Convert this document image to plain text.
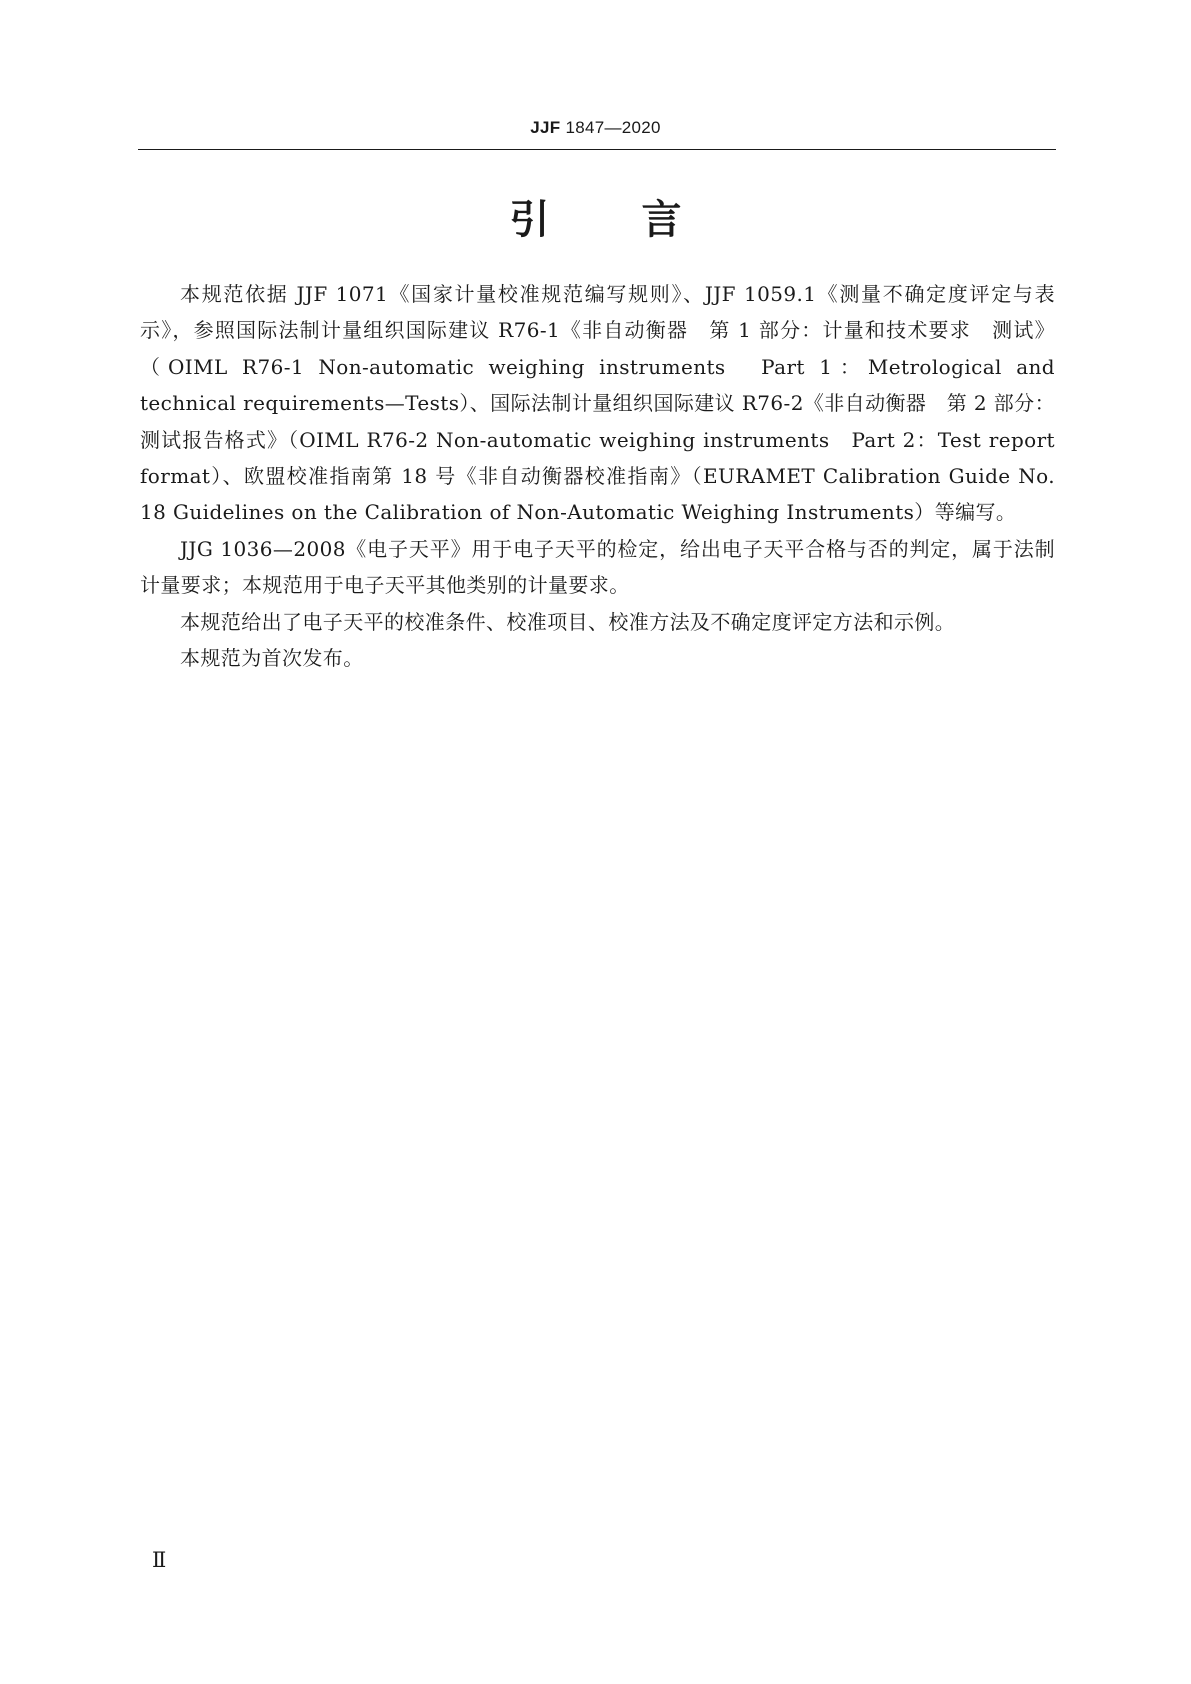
JJF 1847—2020
引 言

本规范依据 JJF 1071《国家计量校准规范编写规则》、JJF 1059.1《测量不确定度评定与表示》，参照国际法制计量组织国际建议 R76-1《非自动衡器　第 1 部分：计量和技术要求　测试》（OIML R76-1 Non-automatic weighing instruments　Part 1：Metrological and technical requirements—Tests）、国际法制计量组织国际建议 R76-2《非自动衡器　第 2 部分：测试报告格式》（OIML R76-2 Non-automatic weighing instruments　Part 2：Test report format）、欧盟校准指南第 18 号《非自动衡器校准指南》（EURAMET Calibration Guide No. 18 Guidelines on the Calibration of Non-Automatic Weighing Instruments）等编写。

JJG 1036—2008《电子天平》用于电子天平的检定，给出电子天平合格与否的判定，属于法制计量要求；本规范用于电子天平其他类别的计量要求。

本规范给出了电子天平的校准条件、校准项目、校准方法及不确定度评定方法和示例。

本规范为首次发布。

Ⅱ
